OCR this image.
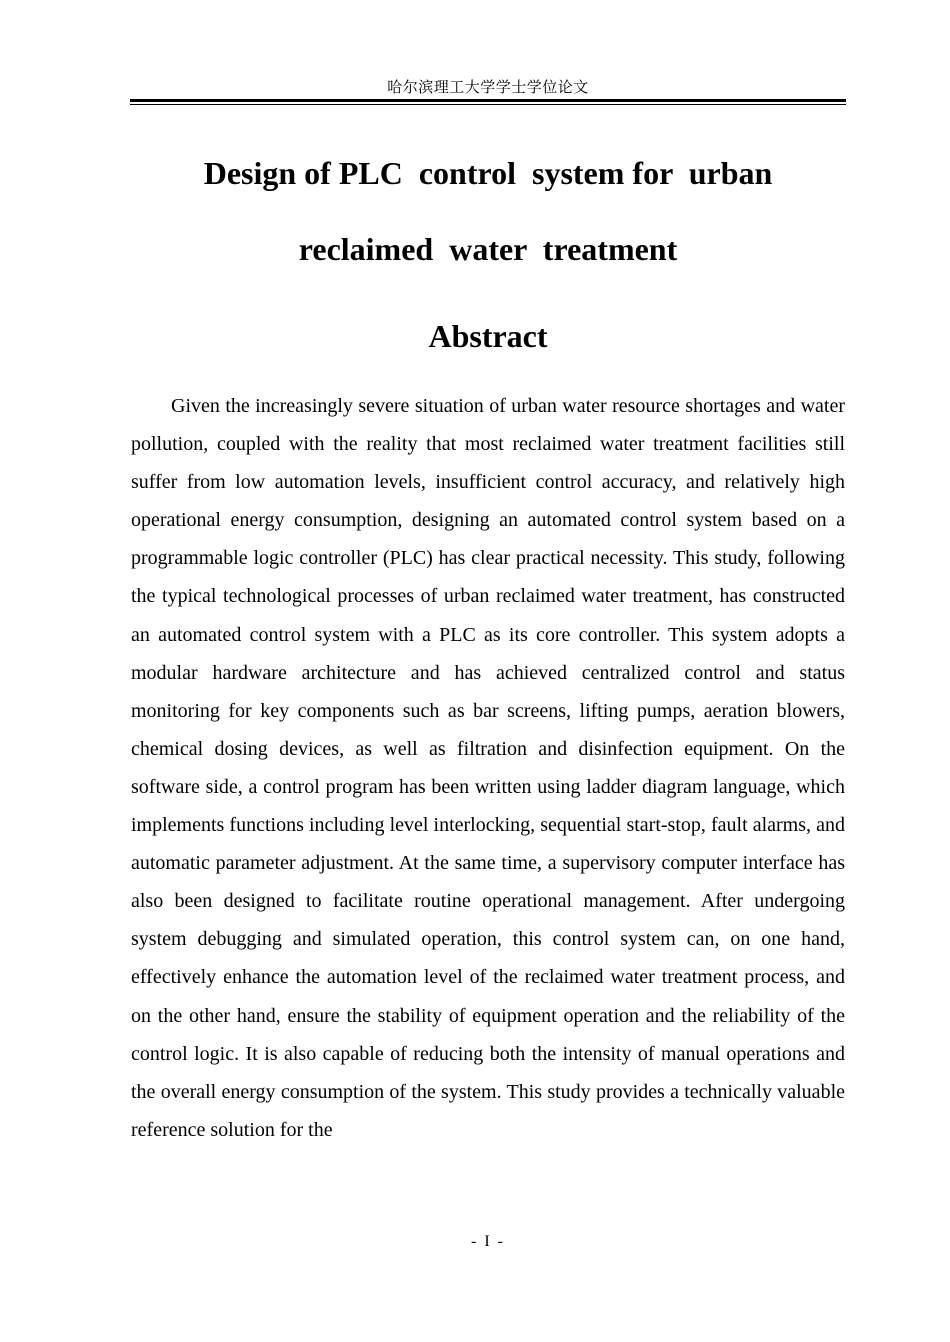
哈尔滨理工大学学士学位论文
Design of PLC  control  system for  urban
reclaimed  water  treatment
Abstract

Given the increasingly severe situation of urban water resource shortages and water pollution, coupled with the reality that most reclaimed water treatment facilities still suffer from low automation levels, insufficient control accuracy, and relatively high operational energy consumption, designing an automated control system based on a programmable logic controller (PLC) has clear practical necessity. This study, following the typical technological processes of urban reclaimed water treatment, has constructed an automated control system with a PLC as its core controller. This system adopts a modular hardware architecture and has achieved centralized control and status monitoring for key components such as bar screens, lifting pumps, aeration blowers, chemical dosing devices, as well as filtration and disinfection equipment. On the software side, a control program has been written using ladder diagram language, which implements functions including level interlocking, sequential start-stop, fault alarms, and automatic parameter adjustment. At the same time, a supervisory computer interface has also been designed to facilitate routine operational management. After undergoing system debugging and simulated operation, this control system can, on one hand, effectively enhance the automation level of the reclaimed water treatment process, and on the other hand, ensure the stability of equipment operation and the reliability of the control logic. It is also capable of reducing both the intensity of manual operations and the overall energy consumption of the system. This study provides a technically valuable reference solution for the

- I -
